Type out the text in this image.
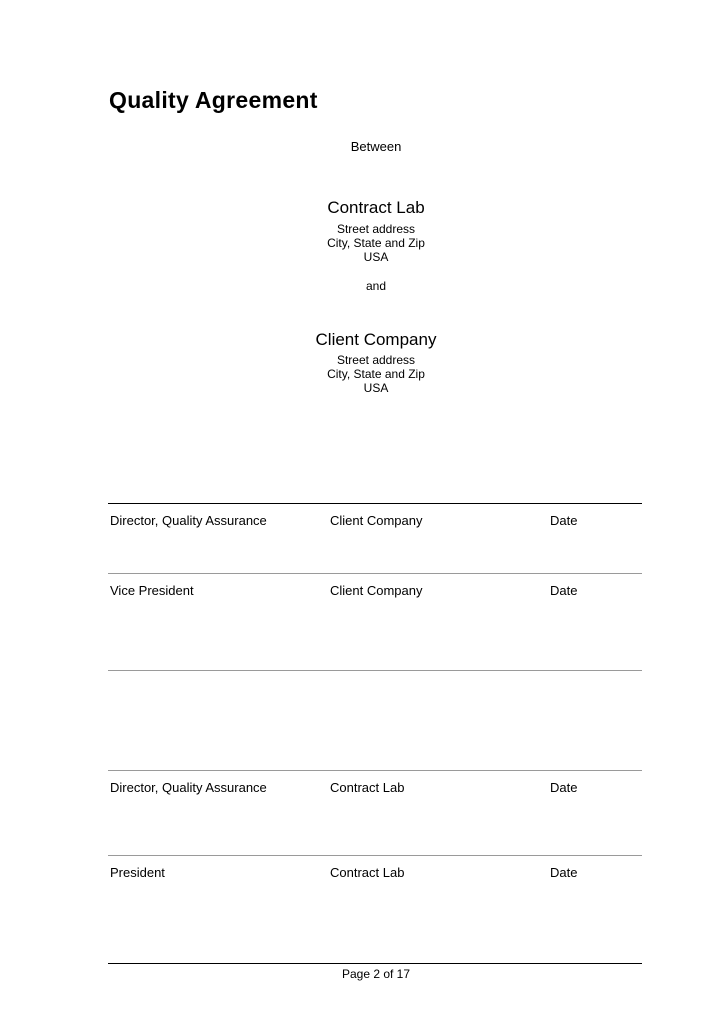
Quality Agreement
Between
Contract Lab
Street address
City, State and Zip
USA
and
Client Company
Street address
City, State and Zip
USA
Director, Quality Assurance	Client Company	Date
Vice President	Client Company	Date
Director, Quality Assurance	Contract Lab	Date
President	Contract Lab	Date
Page 2 of 17
